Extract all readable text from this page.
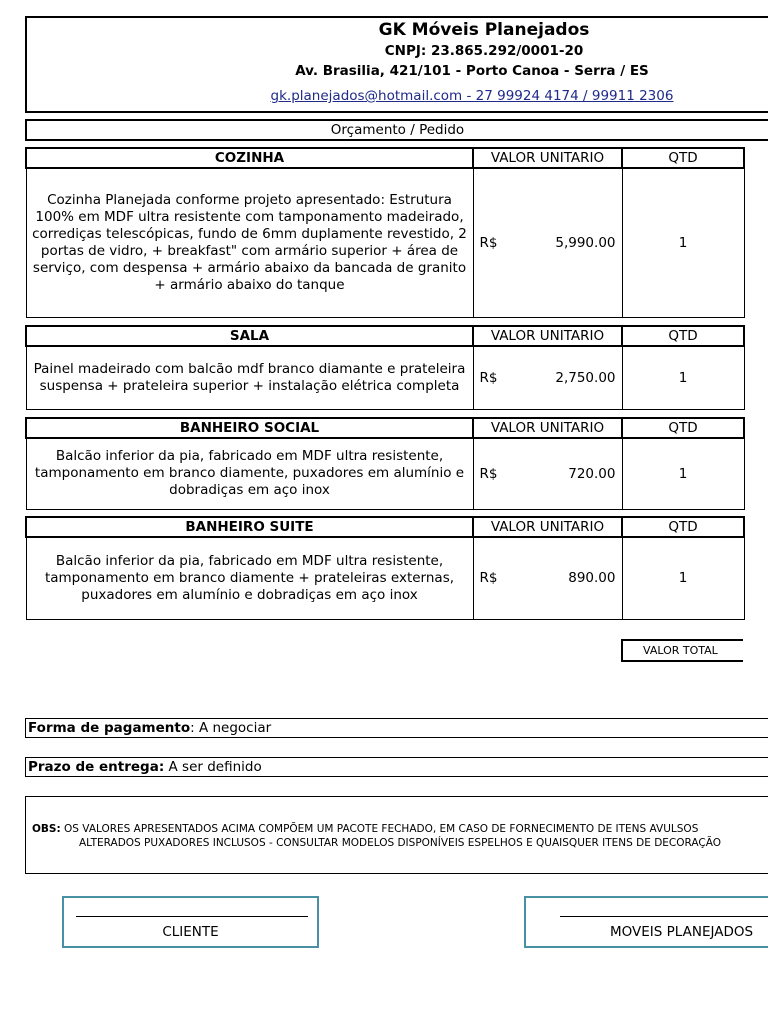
GK Móveis Planejados
CNPJ: 23.865.292/0001-20
Av. Brasilia, 421/101 - Porto Canoa - Serra / ES
gk.planejados@hotmail.com - 27 99924 4174 / 99911 2306
Orçamento / Pedido
COZINHA	VALOR UNITARIO	QTD
Cozinha Planejada conforme projeto apresentado: Estrutura 100% em MDF ultra resistente com tamponamento madeirado, corrediças telescópicas, fundo de 6mm duplamente revestido, 2 portas de vidro, + breakfast" com armário superior + área de serviço, com despensa + armário abaixo da bancada de granito + armário abaixo do tanque	R$ 5,990.00	1
SALA	VALOR UNITARIO	QTD
Painel madeirado com balcão mdf branco diamante e prateleira suspensa + prateleira superior + instalação elétrica completa	R$ 2,750.00	1
BANHEIRO SOCIAL	VALOR UNITARIO	QTD
Balcão inferior da pia, fabricado em MDF ultra resistente, tamponamento em branco diamente, puxadores em alumínio e dobradiças em aço inox	R$ 720.00	1
BANHEIRO SUITE	VALOR UNITARIO	QTD
Balcão inferior da pia, fabricado em MDF ultra resistente, tamponamento em branco diamente + prateleiras externas, puxadores em alumínio e dobradiças em aço inox	R$ 890.00	1
VALOR TOTAL
Forma de pagamento: A negociar
Prazo de entrega: A ser definido
OBS: OS VALORES APRESENTADOS ACIMA COMPÕEM UM PACOTE FECHADO, EM CASO DE FORNECIMENTO DE ITENS AVULSOS
ALTERADOS PUXADORES INCLUSOS - CONSULTAR MODELOS DISPONÍVEIS ESPELHOS E QUAISQUER ITENS DE DECORAÇÃO
CLIENTE	MOVEIS PLANEJADOS
